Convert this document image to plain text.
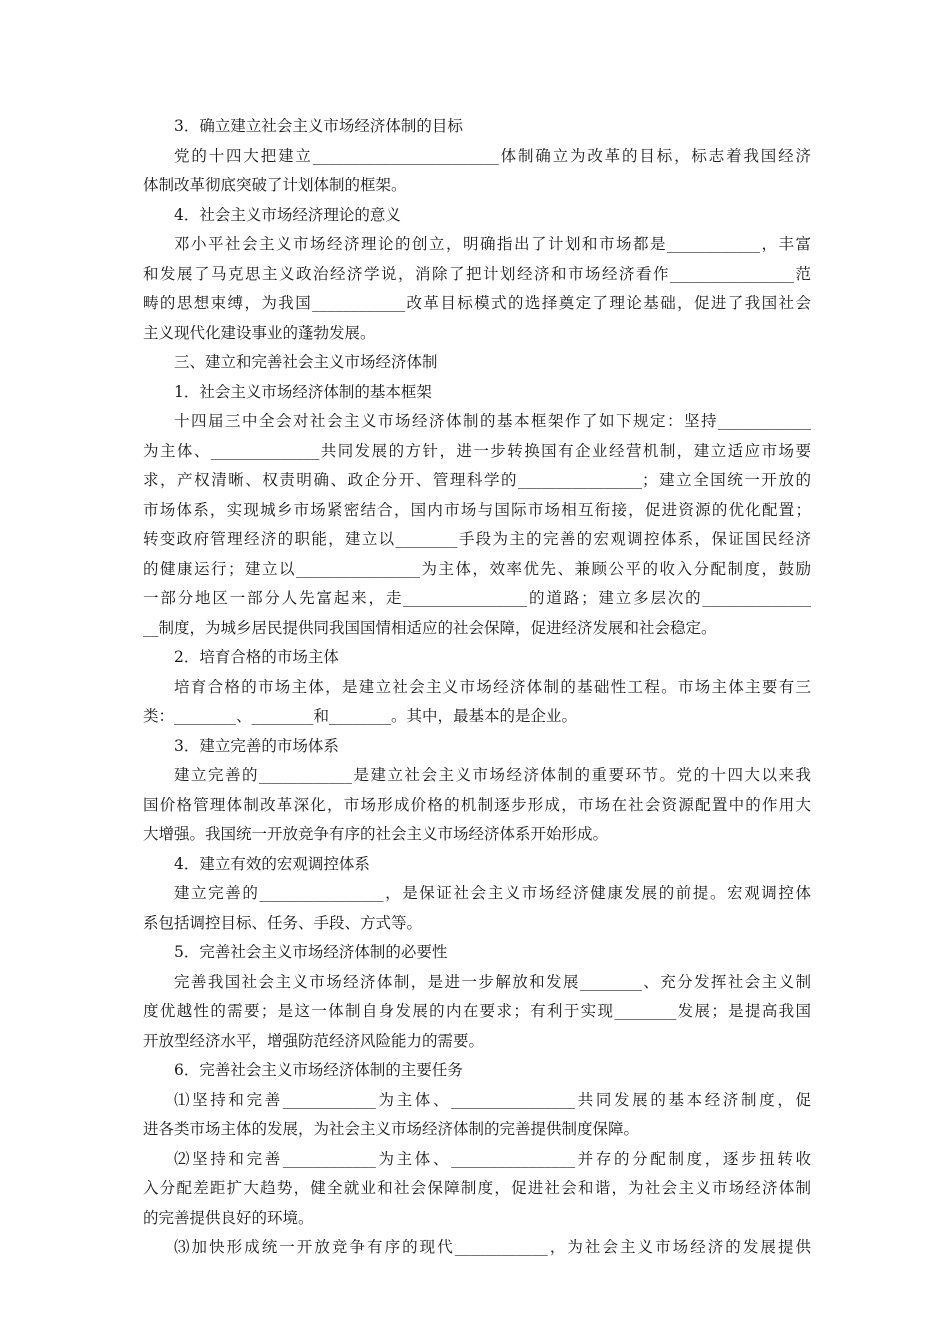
3．确立建立社会主义市场经济体制的目标
党的十四大把建立________________________体制确立为改革的目标，标志着我国经济
体制改革彻底突破了计划体制的框架。
4．社会主义市场经济理论的意义
邓小平社会主义市场经济理论的创立，明确指出了计划和市场都是____________，丰富
和发展了马克思主义政治经济学说，消除了把计划经济和市场经济看作________________范
畴的思想束缚，为我国____________改革目标模式的选择奠定了理论基础，促进了我国社会
主义现代化建设事业的蓬勃发展。
三、建立和完善社会主义市场经济体制
1．社会主义市场经济体制的基本框架
十四届三中全会对社会主义市场经济体制的基本框架作了如下规定：坚持____________
为主体、______________共同发展的方针，进一步转换国有企业经营机制，建立适应市场要
求，产权清晰、权责明确、政企分开、管理科学的________________；建立全国统一开放的
市场体系，实现城乡市场紧密结合，国内市场与国际市场相互衔接，促进资源的优化配置；
转变政府管理经济的职能，建立以________手段为主的完善的宏观调控体系，保证国民经济
的健康运行；建立以________________为主体，效率优先、兼顾公平的收入分配制度，鼓励
一部分地区一部分人先富起来，走________________的道路；建立多层次的______________
__制度，为城乡居民提供同我国国情相适应的社会保障，促进经济发展和社会稳定。
2．培育合格的市场主体
培育合格的市场主体，是建立社会主义市场经济体制的基础性工程。市场主体主要有三
类：________、________和________。其中，最基本的是企业。
3．建立完善的市场体系
建立完善的____________是建立社会主义市场经济体制的重要环节。党的十四大以来我
国价格管理体制改革深化，市场形成价格的机制逐步形成，市场在社会资源配置中的作用大
大增强。我国统一开放竞争有序的社会主义市场经济体系开始形成。
4．建立有效的宏观调控体系
建立完善的________________，是保证社会主义市场经济健康发展的前提。宏观调控体
系包括调控目标、任务、手段、方式等。
5．完善社会主义市场经济体制的必要性
完善我国社会主义市场经济体制，是进一步解放和发展________、充分发挥社会主义制
度优越性的需要；是这一体制自身发展的内在要求；有利于实现________发展；是提高我国
开放型经济水平，增强防范经济风险能力的需要。
6．完善社会主义市场经济体制的主要任务
⑴坚持和完善____________为主体、________________共同发展的基本经济制度，促
进各类市场主体的发展，为社会主义市场经济体制的完善提供制度保障。
⑵坚持和完善____________为主体、________________并存的分配制度，逐步扭转收
入分配差距扩大趋势，健全就业和社会保障制度，促进社会和谐，为社会主义市场经济体制
的完善提供良好的环境。
⑶加快形成统一开放竞争有序的现代____________，为社会主义市场经济的发展提供
